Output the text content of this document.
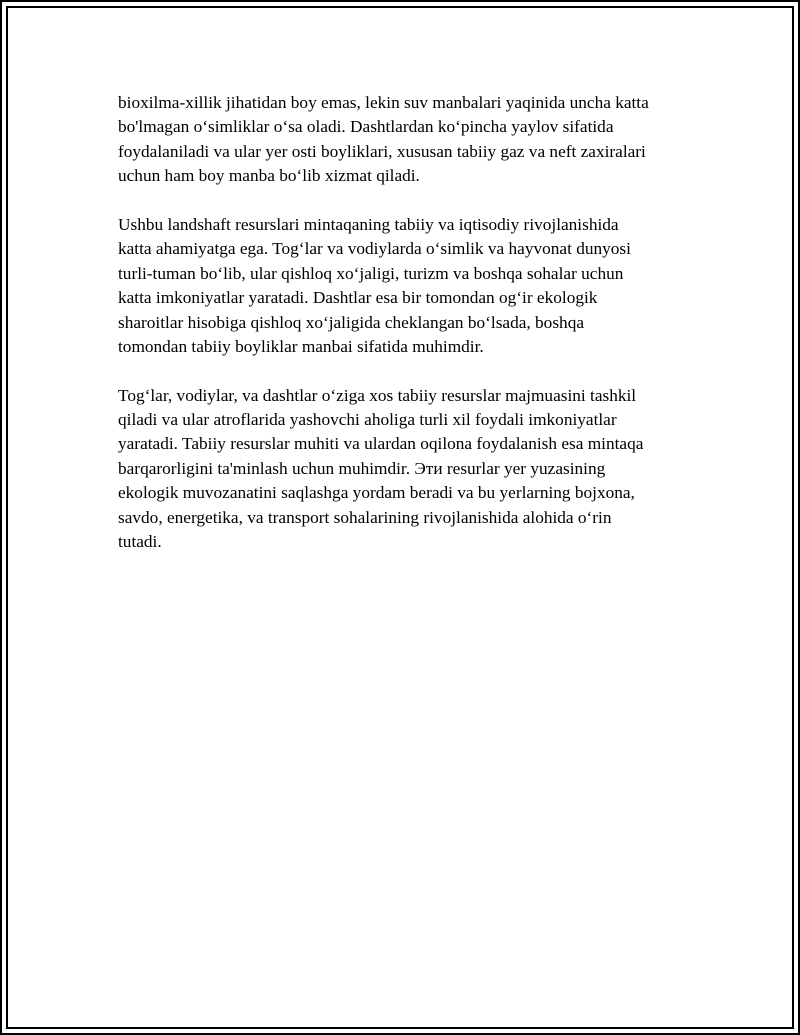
bioxilma-xillik jihatidan boy emas, lekin suv manbalari yaqinida uncha katta
bo'lmagan o‘simliklar o‘sa oladi. Dashtlardan ko‘pincha yaylov sifatida
foydalaniladi va ular yer osti boyliklari, xususan tabiiy gaz va neft zaxiralari
uchun ham boy manba bo‘lib xizmat qiladi.

Ushbu landshaft resurslari mintaqaning tabiiy va iqtisodiy rivojlanishida
katta ahamiyatga ega. Tog‘lar va vodiylarda o‘simlik va hayvonat dunyosi
turli-tuman bo‘lib, ular qishloq xo‘jaligi, turizm va boshqa sohalar uchun
katta imkoniyatlar yaratadi. Dashtlar esa bir tomondan og‘ir ekologik
sharoitlar hisobiga qishloq xo‘jaligida cheklangan bo‘lsada, boshqa
tomondan tabiiy boyliklar manbai sifatida muhimdir.

Tog‘lar, vodiylar, va dashtlar o‘ziga xos tabiiy resurslar majmuasini tashkil
qiladi va ular atroflarida yashovchi aholiga turli xil foydali imkoniyatlar
yaratadi. Tabiiy resurslar muhiti va ulardan oqilona foydalanish esa mintaqa
barqarorligini ta'minlash uchun muhimdir. Эти resurlar yer yuzasining
ekologik muvozanatini saqlashga yordam beradi va bu yerlarning bojxona,
savdo, energetika, va transport sohalarining rivojlanishida alohida o‘rin
tutadi.
